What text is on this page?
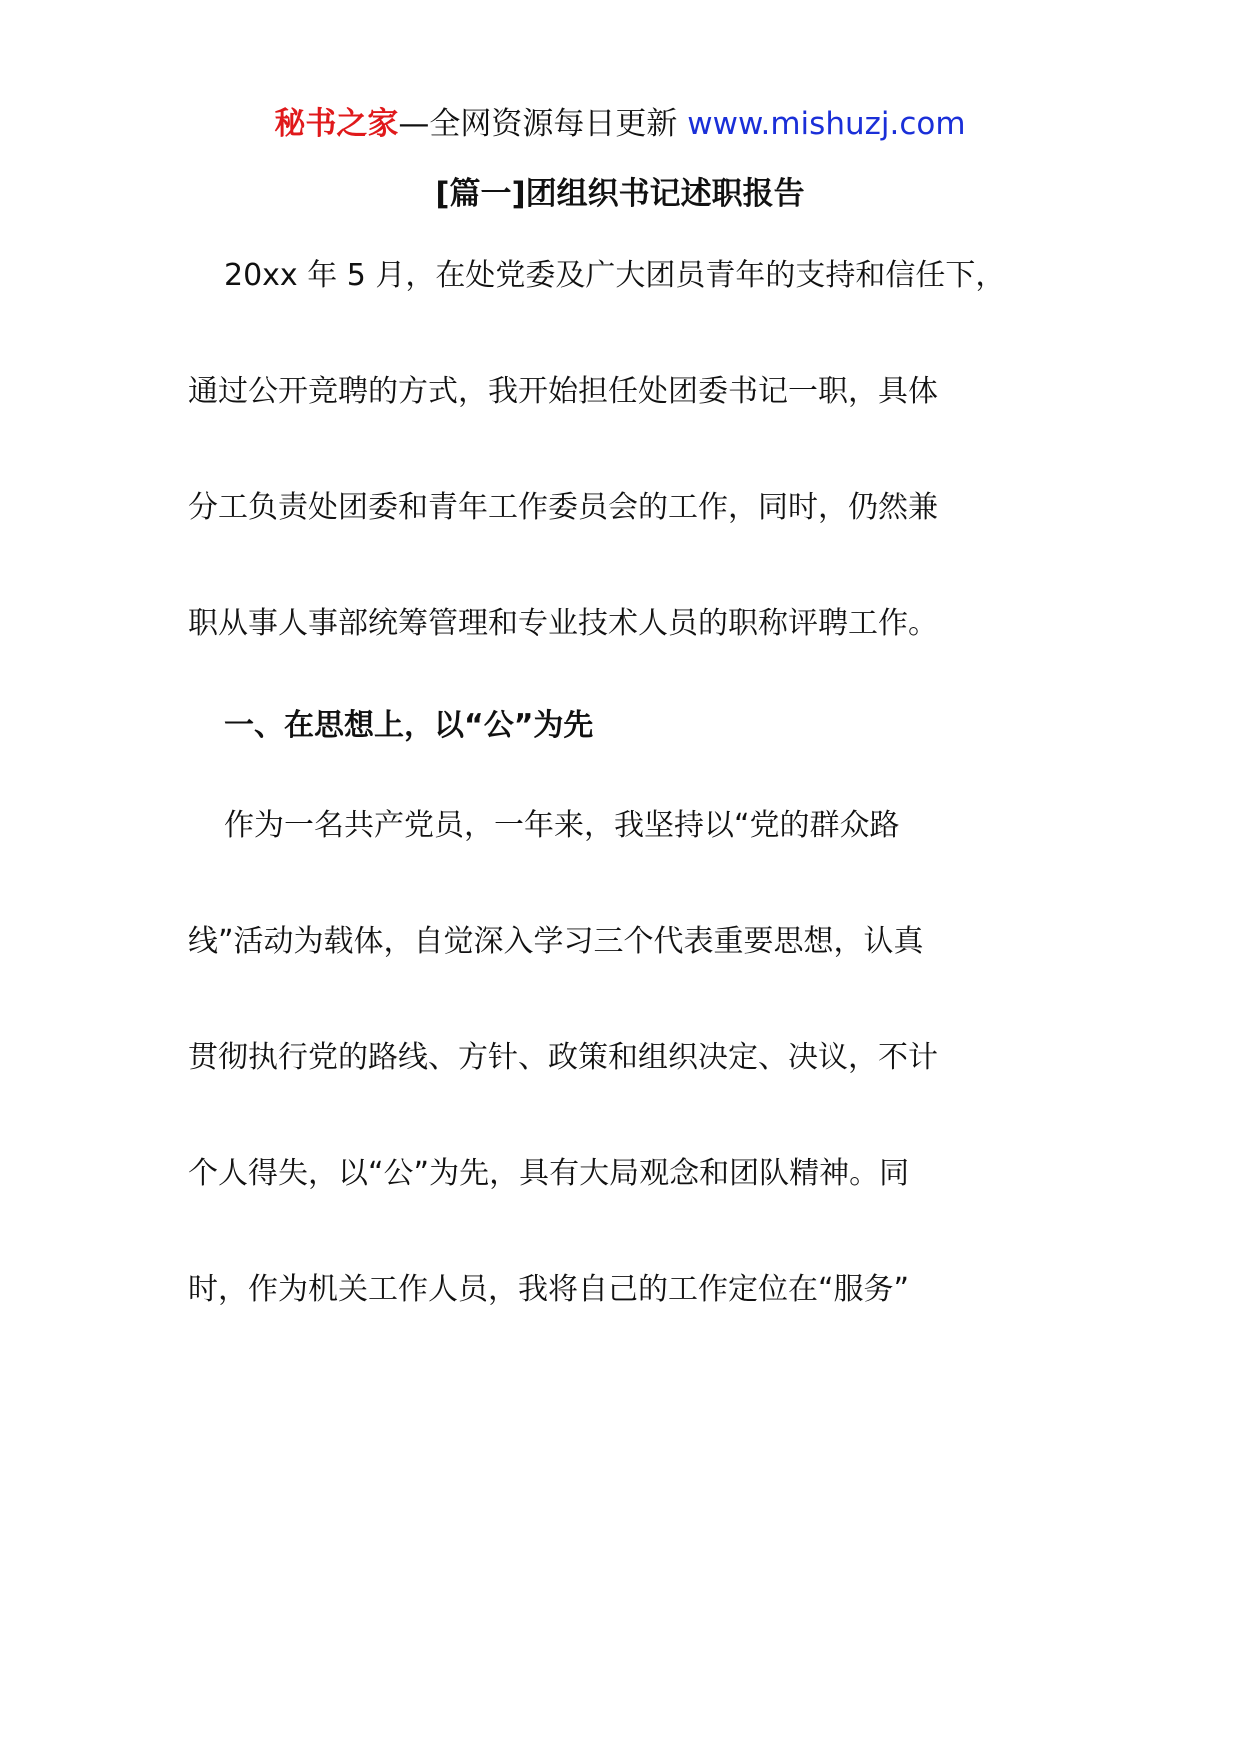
秘书之家—全网资源每日更新 www.mishuzj.com
[篇一]团组织书记述职报告
20xx 年 5 月，在处党委及广大团员青年的支持和信任下，
通过公开竞聘的方式，我开始担任处团委书记一职，具体
分工负责处团委和青年工作委员会的工作，同时，仍然兼
职从事人事部统筹管理和专业技术人员的职称评聘工作。
一、在思想上，以“公”为先
作为一名共产党员，一年来，我坚持以“党的群众路
线”活动为载体，自觉深入学习三个代表重要思想，认真
贯彻执行党的路线、方针、政策和组织决定、决议，不计
个人得失，以“公”为先，具有大局观念和团队精神。同
时，作为机关工作人员，我将自己的工作定位在“服务”
